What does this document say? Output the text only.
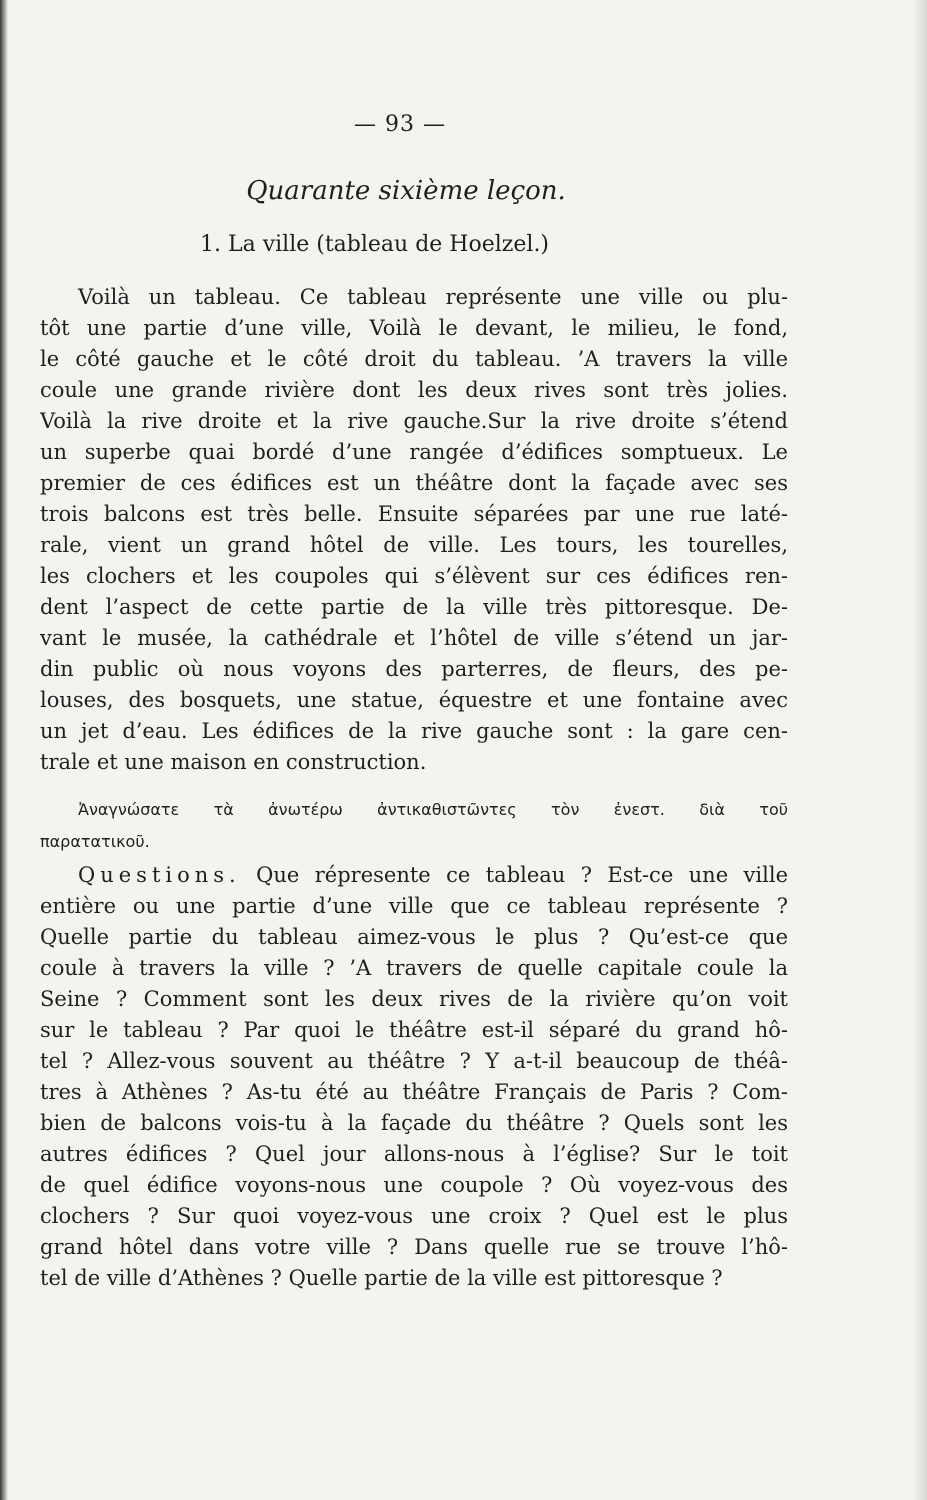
— 93 —
Quarante sixième leçon.
1. La ville (tableau de Hoelzel.)
Voilà un tableau. Ce tableau représente une ville ou plu-
tôt une partie d’une ville, Voilà le devant, le milieu, le fond,
le côté gauche et le côté droit du tableau. ’A travers la ville
coule une grande rivière dont les deux rives sont très jolies.
Voilà la rive droite et la rive gauche.Sur la rive droite s’étend
un superbe quai bordé d’une rangée d’édifices somptueux. Le
premier de ces édifices est un théâtre dont la façade avec ses
trois balcons est très belle. Ensuite séparées par une rue laté-
rale, vient un grand hôtel de ville. Les tours, les tourelles,
les clochers et les coupoles qui s’élèvent sur ces édifices ren-
dent l’aspect de cette partie de la ville très pittoresque. De-
vant le musée, la cathédrale et l’hôtel de ville s’étend un jar-
din public où nous voyons des parterres, de fleurs, des pe-
louses, des bosquets, une statue, équestre et une fontaine avec
un jet d’eau. Les édifices de la rive gauche sont : la gare cen-
trale et une maison en construction.
Ἀναγνώσατε τὰ ἀνωτέρω ἀντικαθιστῶντες τὸν ἐνεστ. διὰ τοῦ
παρατατικοῦ.
Questions. Que répresente ce tableau ? Est-ce une ville
entière ou une partie d’une ville que ce tableau représente ?
Quelle partie du tableau aimez-vous le plus ? Qu’est-ce que
coule à travers la ville ? ’A travers de quelle capitale coule la
Seine ? Comment sont les deux rives de la rivière qu’on voit
sur le tableau ? Par quoi le théâtre est-il séparé du grand hô-
tel ? Allez-vous souvent au théâtre ? Y a-t-il beaucoup de théâ-
tres à Athènes ? As-tu été au théâtre Français de Paris ? Com-
bien de balcons vois-tu à la façade du théâtre ? Quels sont les
autres édifices ? Quel jour allons-nous à l’église? Sur le toit
de quel édifice voyons-nous une coupole ? Où voyez-vous des
clochers ? Sur quoi voyez-vous une croix ? Quel est le plus
grand hôtel dans votre ville ? Dans quelle rue se trouve l’hô-
tel de ville d’Athènes ? Quelle partie de la ville est pittoresque ?
